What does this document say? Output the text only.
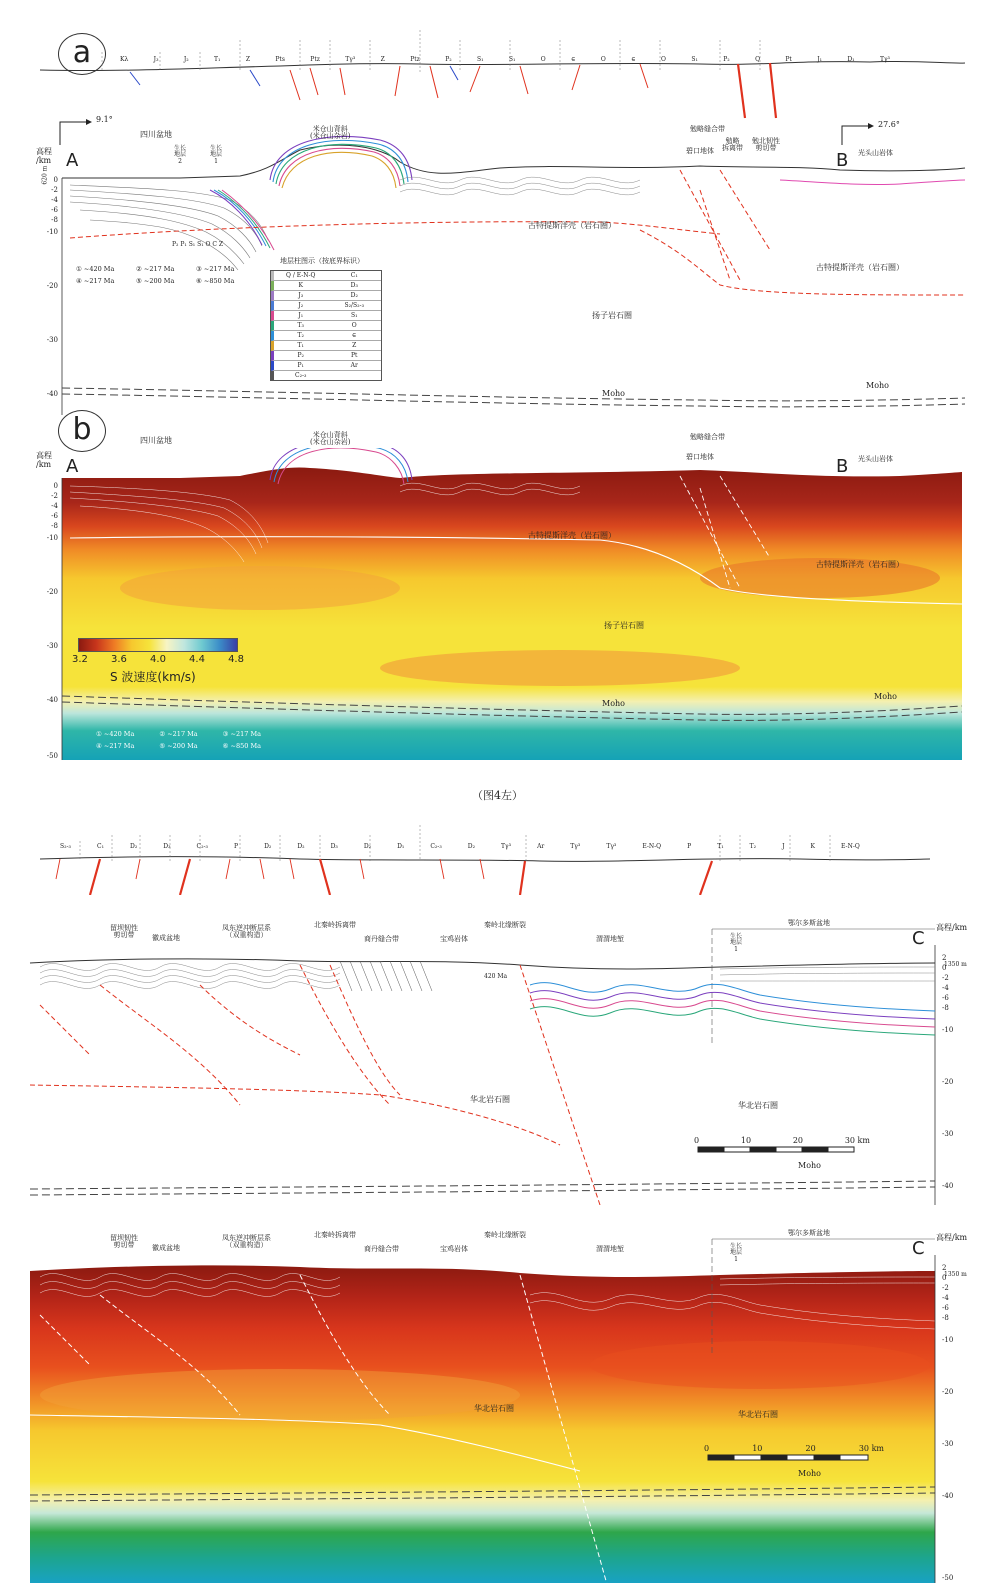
a	Kλ	J₃	J₂	T₁	Z	Pts	Ptz	Tγ³	Z	Ptz	P₂	S₁	S₁	O	∈	O	∈	O	S₁	P₂	Q	Pt	J₁	D₁	Tγ³
高程
/km
620 m
A	B
9.1°
27.6°
0
-2
-4
-6
-8
-10
-20
-30
-40
四川盆地
生长
地层
2
生长
地层
1
米仓山背斜
(米仓山杂岩)
勉略缝合带
碧口地体
勉略
拆离带
勉北韧性
剪切带
光头山岩体
古特提斯洋壳（岩石圈）
古特提斯洋壳（岩石圈）
扬子岩石圈
Moho
Moho
P₂ P₁ S₁ S₁ O C Z
① ~420 Ma	② ~217 Ma	③ ~217 Ma
④ ~217 Ma	⑤ ~200 Ma	⑥ ~850 Ma
地层柱图示（按底界标识）
Q / E-N-Q	C₁
K	D₃
J₃	D₂
J₂	S₂/S₂-₃
J₁	S₁
T₃	O
T₂	∈
T₁	Z
P₂	Pt
P₁	Ar
C₂-₃
b
高程
/km A	B
四川盆地
米仓山背斜
(米仓山杂岩)
勉略缝合带
碧口地体	光头山岩体
古特提斯洋壳（岩石圈）
古特提斯洋壳（岩石圈）
扬子岩石圈
Moho
Moho
0
-2
-4
-6
-8
-10
-20
-30
-40
-50
3.2 3.6 4.0 4.4 4.8
S 波速度(km/s)
① ~420 Ma	② ~217 Ma	③ ~217 Ma
④ ~217 Ma	⑤ ~200 Ma	⑥ ~850 Ma
（图4左）
S₂-₃	C₁	D₂	D₃	C₂-₃	P	D₂	D₂	D₃	D₂	D₁	C₂-₃	D₂	Tγ³	Ar	Tγ³	Tγ³	E-N-Q	P	T₁	T₂	J	K	E-N-Q
高程/km
C
1350 m
2
0
-2
-4
-6
-8
-10
-20
-30
-40
留坝韧性
剪切带	徽成盆地
凤东逆冲断层系
（双重构造）
北秦岭拆离带
商丹缝合带	宝鸡岩体
秦岭北缘断裂
渭渭地堑
鄂尔多斯盆地
生长
地层
1
420 Ma
华北岩石圈
华北岩石圈
Moho
0	10	20	30 km
高程/km
C
1350 m
2
0
-2
-4
-6
-8
-10
-20
-30
-40
-50
留坝韧性
剪切带	徽成盆地
凤东逆冲断层系
（双重构造）
北秦岭拆离带
商丹缝合带	宝鸡岩体
秦岭北缘断裂
渭渭地堑
鄂尔多斯盆地
生长
地层
1
华北岩石圈
华北岩石圈
Moho
0	10	20	30 km
